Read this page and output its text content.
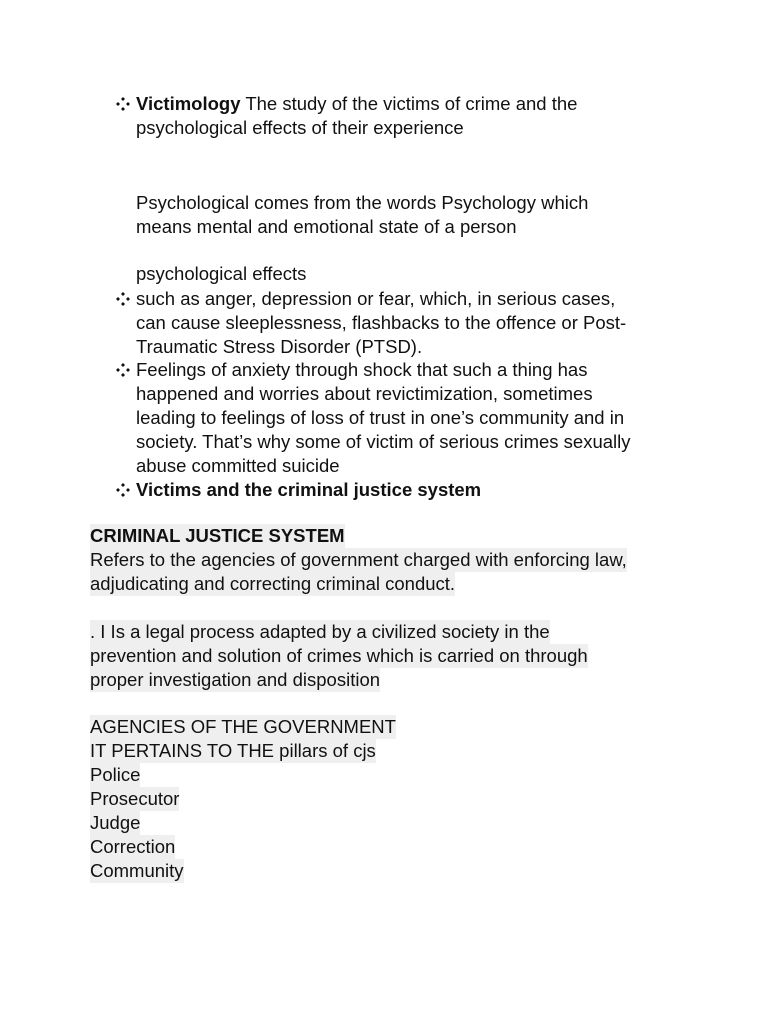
Victimology The study of the victims of crime and the
psychological effects of their experience
Psychological comes from the words Psychology which
means mental and emotional state of a person
psychological effects
such as anger, depression or fear, which, in serious cases,
can cause sleeplessness, flashbacks to the offence or Post-
Traumatic Stress Disorder (PTSD).
Feelings of anxiety through shock that such a thing has
happened and worries about revictimization, sometimes
leading to feelings of loss of trust in one’s community and in
society. That’s why some of victim of serious crimes sexually
abuse committed suicide
Victims and the criminal justice system
CRIMINAL JUSTICE SYSTEM
Refers to the agencies of government charged with enforcing law,
adjudicating and correcting criminal conduct.
. I Is a legal process adapted by a civilized society in the
prevention and solution of crimes which is carried on through
proper investigation and disposition
AGENCIES OF THE GOVERNMENT
IT PERTAINS TO THE pillars of cjs
Police
Prosecutor
Judge
Correction
Community
